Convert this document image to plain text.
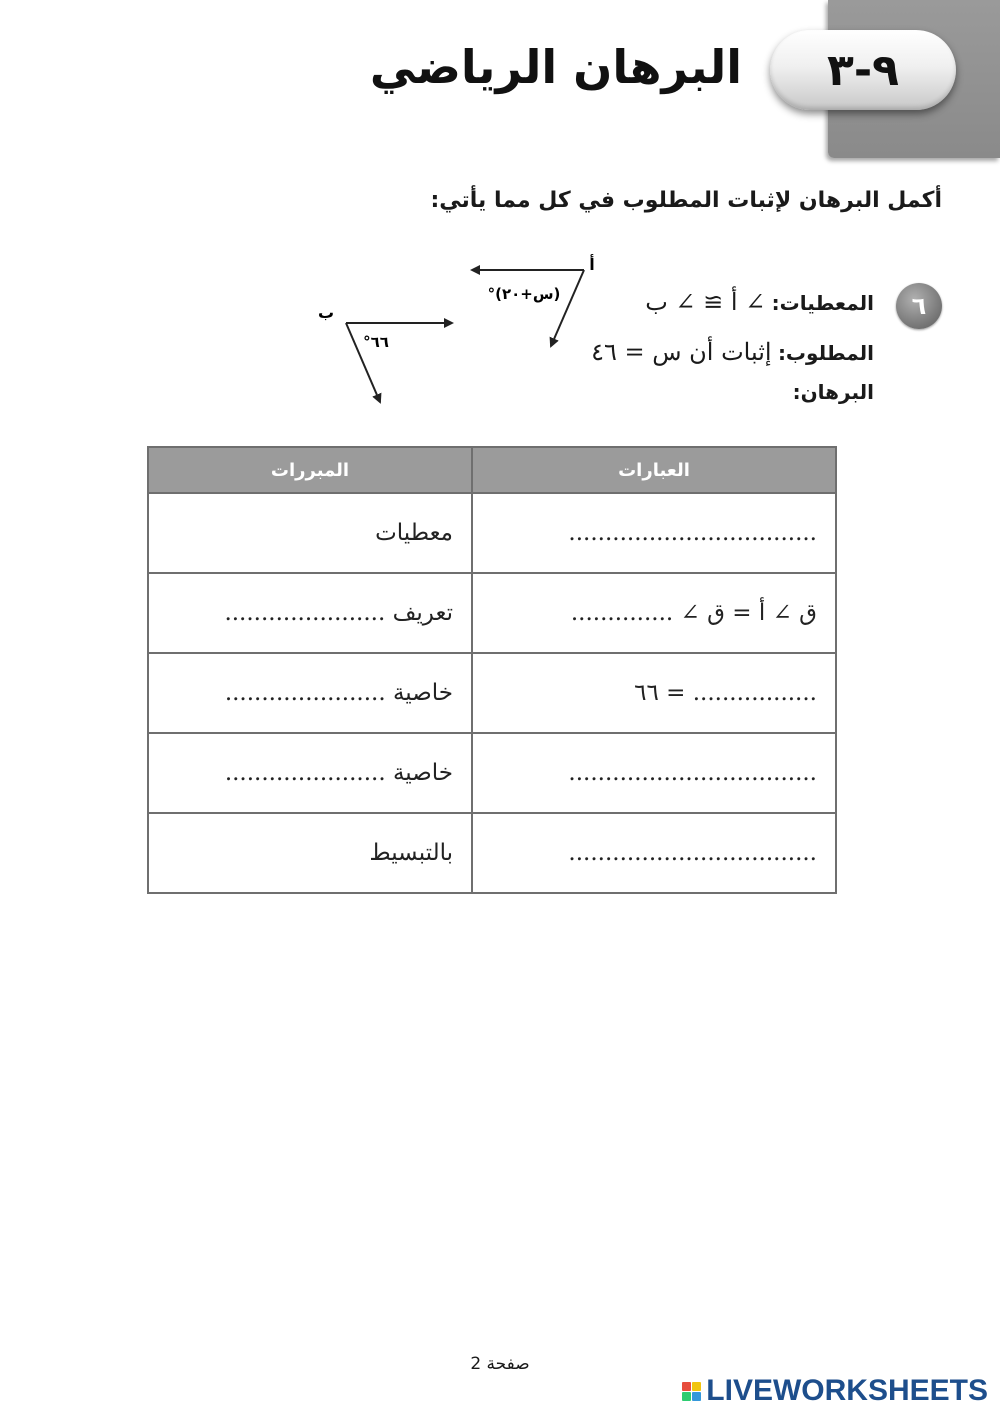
٩-٣
البرهان الرياضي
أكمل البرهان لإثبات المطلوب في كل مما يأتي:
٦
المعطيات: ∠ أ ≅ ∠ ب
المطلوب: إثبات أن س = ٤٦
البرهان:
أ
(س+٢٠)°
ب
٦٦°
العبارات	المبررات
..................................	معطيات
ق ∠ أ = ق ∠ ..............	تعريف ......................
................. = ٦٦	خاصية ......................
..................................	خاصية ......................
..................................	بالتبسيط
صفحة 2
LIVEWORKSHEETS
